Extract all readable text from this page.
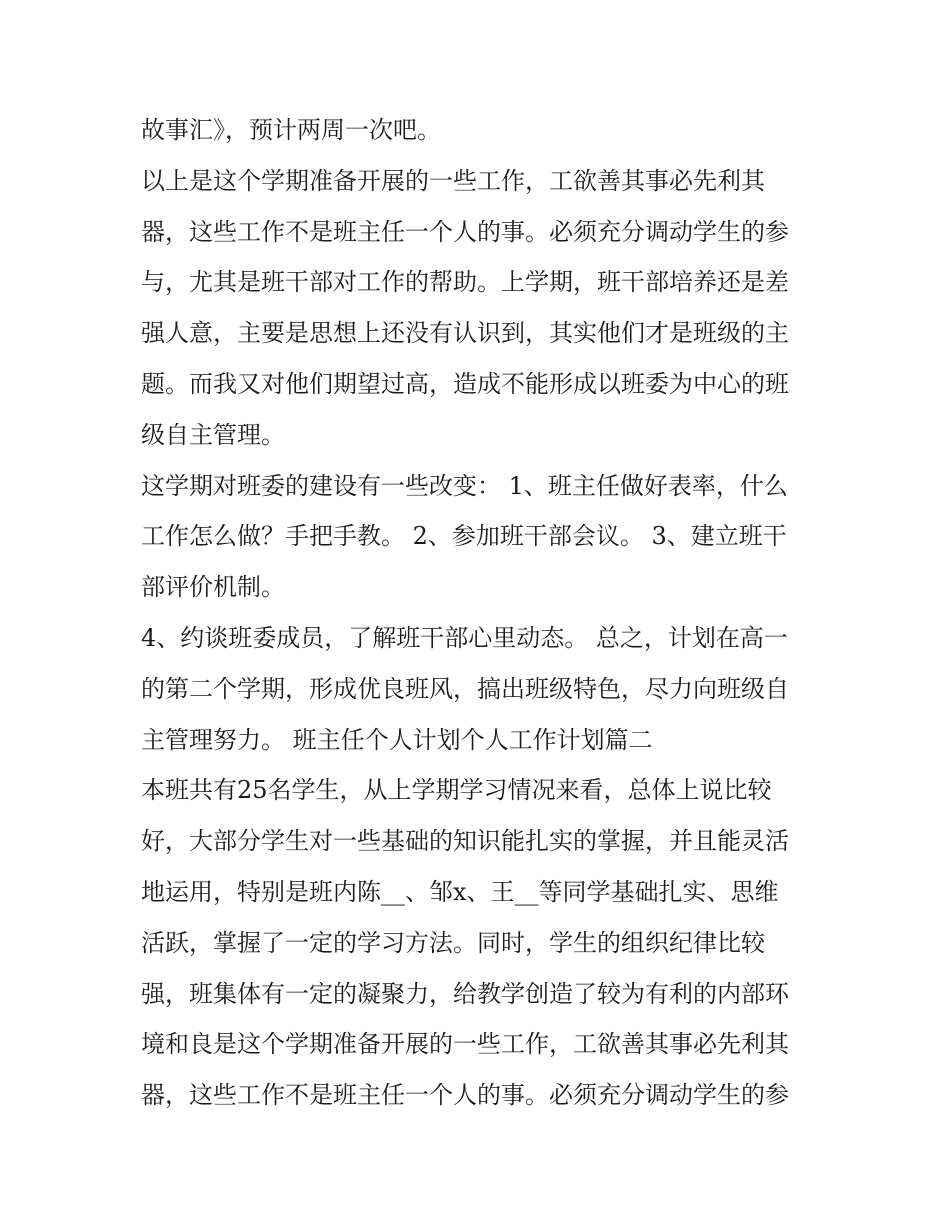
故事汇》，预计两周一次吧。
以上是这个学期准备开展的一些工作，工欲善其事必先利其
器，这些工作不是班主任一个人的事。必须充分调动学生的参
与，尤其是班干部对工作的帮助。上学期，班干部培养还是差
强人意，主要是思想上还没有认识到，其实他们才是班级的主
题。而我又对他们期望过高，造成不能形成以班委为中心的班
级自主管理。
这学期对班委的建设有一些改变： 1、班主任做好表率，什么
工作怎么做？手把手教。 2、参加班干部会议。 3、建立班干
部评价机制。
4、约谈班委成员，了解班干部心里动态。 总之，计划在高一
的第二个学期，形成优良班风，搞出班级特色，尽力向班级自
主管理努力。 班主任个人计划个人工作计划篇二
本班共有25名学生，从上学期学习情况来看，总体上说比较
好，大部分学生对一些基础的知识能扎实的掌握，并且能灵活
地运用，特别是班内陈__、邹x、王__等同学基础扎实、思维
活跃，掌握了一定的学习方法。同时，学生的组织纪律比较
强，班集体有一定的凝聚力，给教学创造了较为有利的内部环
境和良是这个学期准备开展的一些工作，工欲善其事必先利其
器，这些工作不是班主任一个人的事。必须充分调动学生的参
